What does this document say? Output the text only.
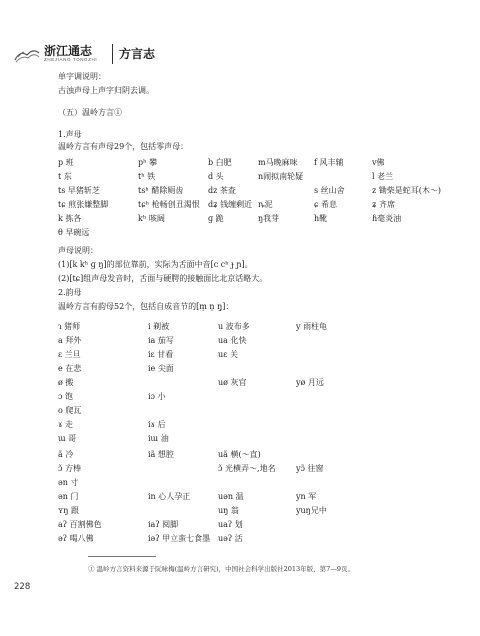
浙江通志
ZHEJIANG TONGZHI 方言志
单字调说明：
古浊声母上声字归阴去调。
（五）温岭方言①
1.声母
温岭方言有声母29个，包括零声母：
p 班	pʰ 攀	b 白肥	m马晚麻味 f 风丰辅	v佛
t 东	tʰ 铁	d 头	n闹拟南轮疑	l 老兰
ts 早猪斩芝	tsʰ 醋除厕齿	dz 茶查	s 丝山舍	z 锄柴是蛇耳(木～)
tɕ 煎张嫌整脚	tɕʰ 枪畅创丑渴恨 dʑ 钱缠剩近 ȵ泥	ɕ 希息	ʑ 齐席
k 拣各	kʰ 咳阔	ɡ 跪	ŋ我芽	h靴	ɦ毫炎油
θ 早碗远
声母说明：
(1)[k kʰ ɡ ŋ]的部位靠前，实际为舌面中音[c cʰ ɟ ɲ]。
(2)[tɕ]组声母发音时，舌面与硬腭的接触面比北京话略大。
2.韵母
温岭方言有韵母52个，包括自成音节的[m̩ n̩ ŋ̩]：
ɿ 猪师	i 剃被	u 波布多	y 雨柱龟
a 拜外	ia 茄写	ua 化快
ɛ 兰旦	iɛ 甘看	uɛ 关
e 在悲	ie 尖面
ø 搬	uø 灰官	yø 月远
ɔ 饱	iɔ 小
o 爬瓦
ɤ 走	iɤ 后
ɯ 哥	iɯ 油
ã 冷	iã 想腔	uã 横(～直)
ɔ̃ 方棒	ɔ̃ 光横弄～,地名	yɔ̃ 往窗
ən 寸
ən 门	in 心人孕正	uən 温	yn 军
ʏŋ 跟	uŋ 翁	yuŋ兄中
aʔ 百割佛色	iaʔ 阅脚	uaʔ 划
əʔ 喝八佛	iəʔ 甲立蛮七食墨 uəʔ 活
① 温岭方言资料来源于阮咏梅(温岭方言研究)，中国社会科学出版社2013年版，第7—9页。
228
